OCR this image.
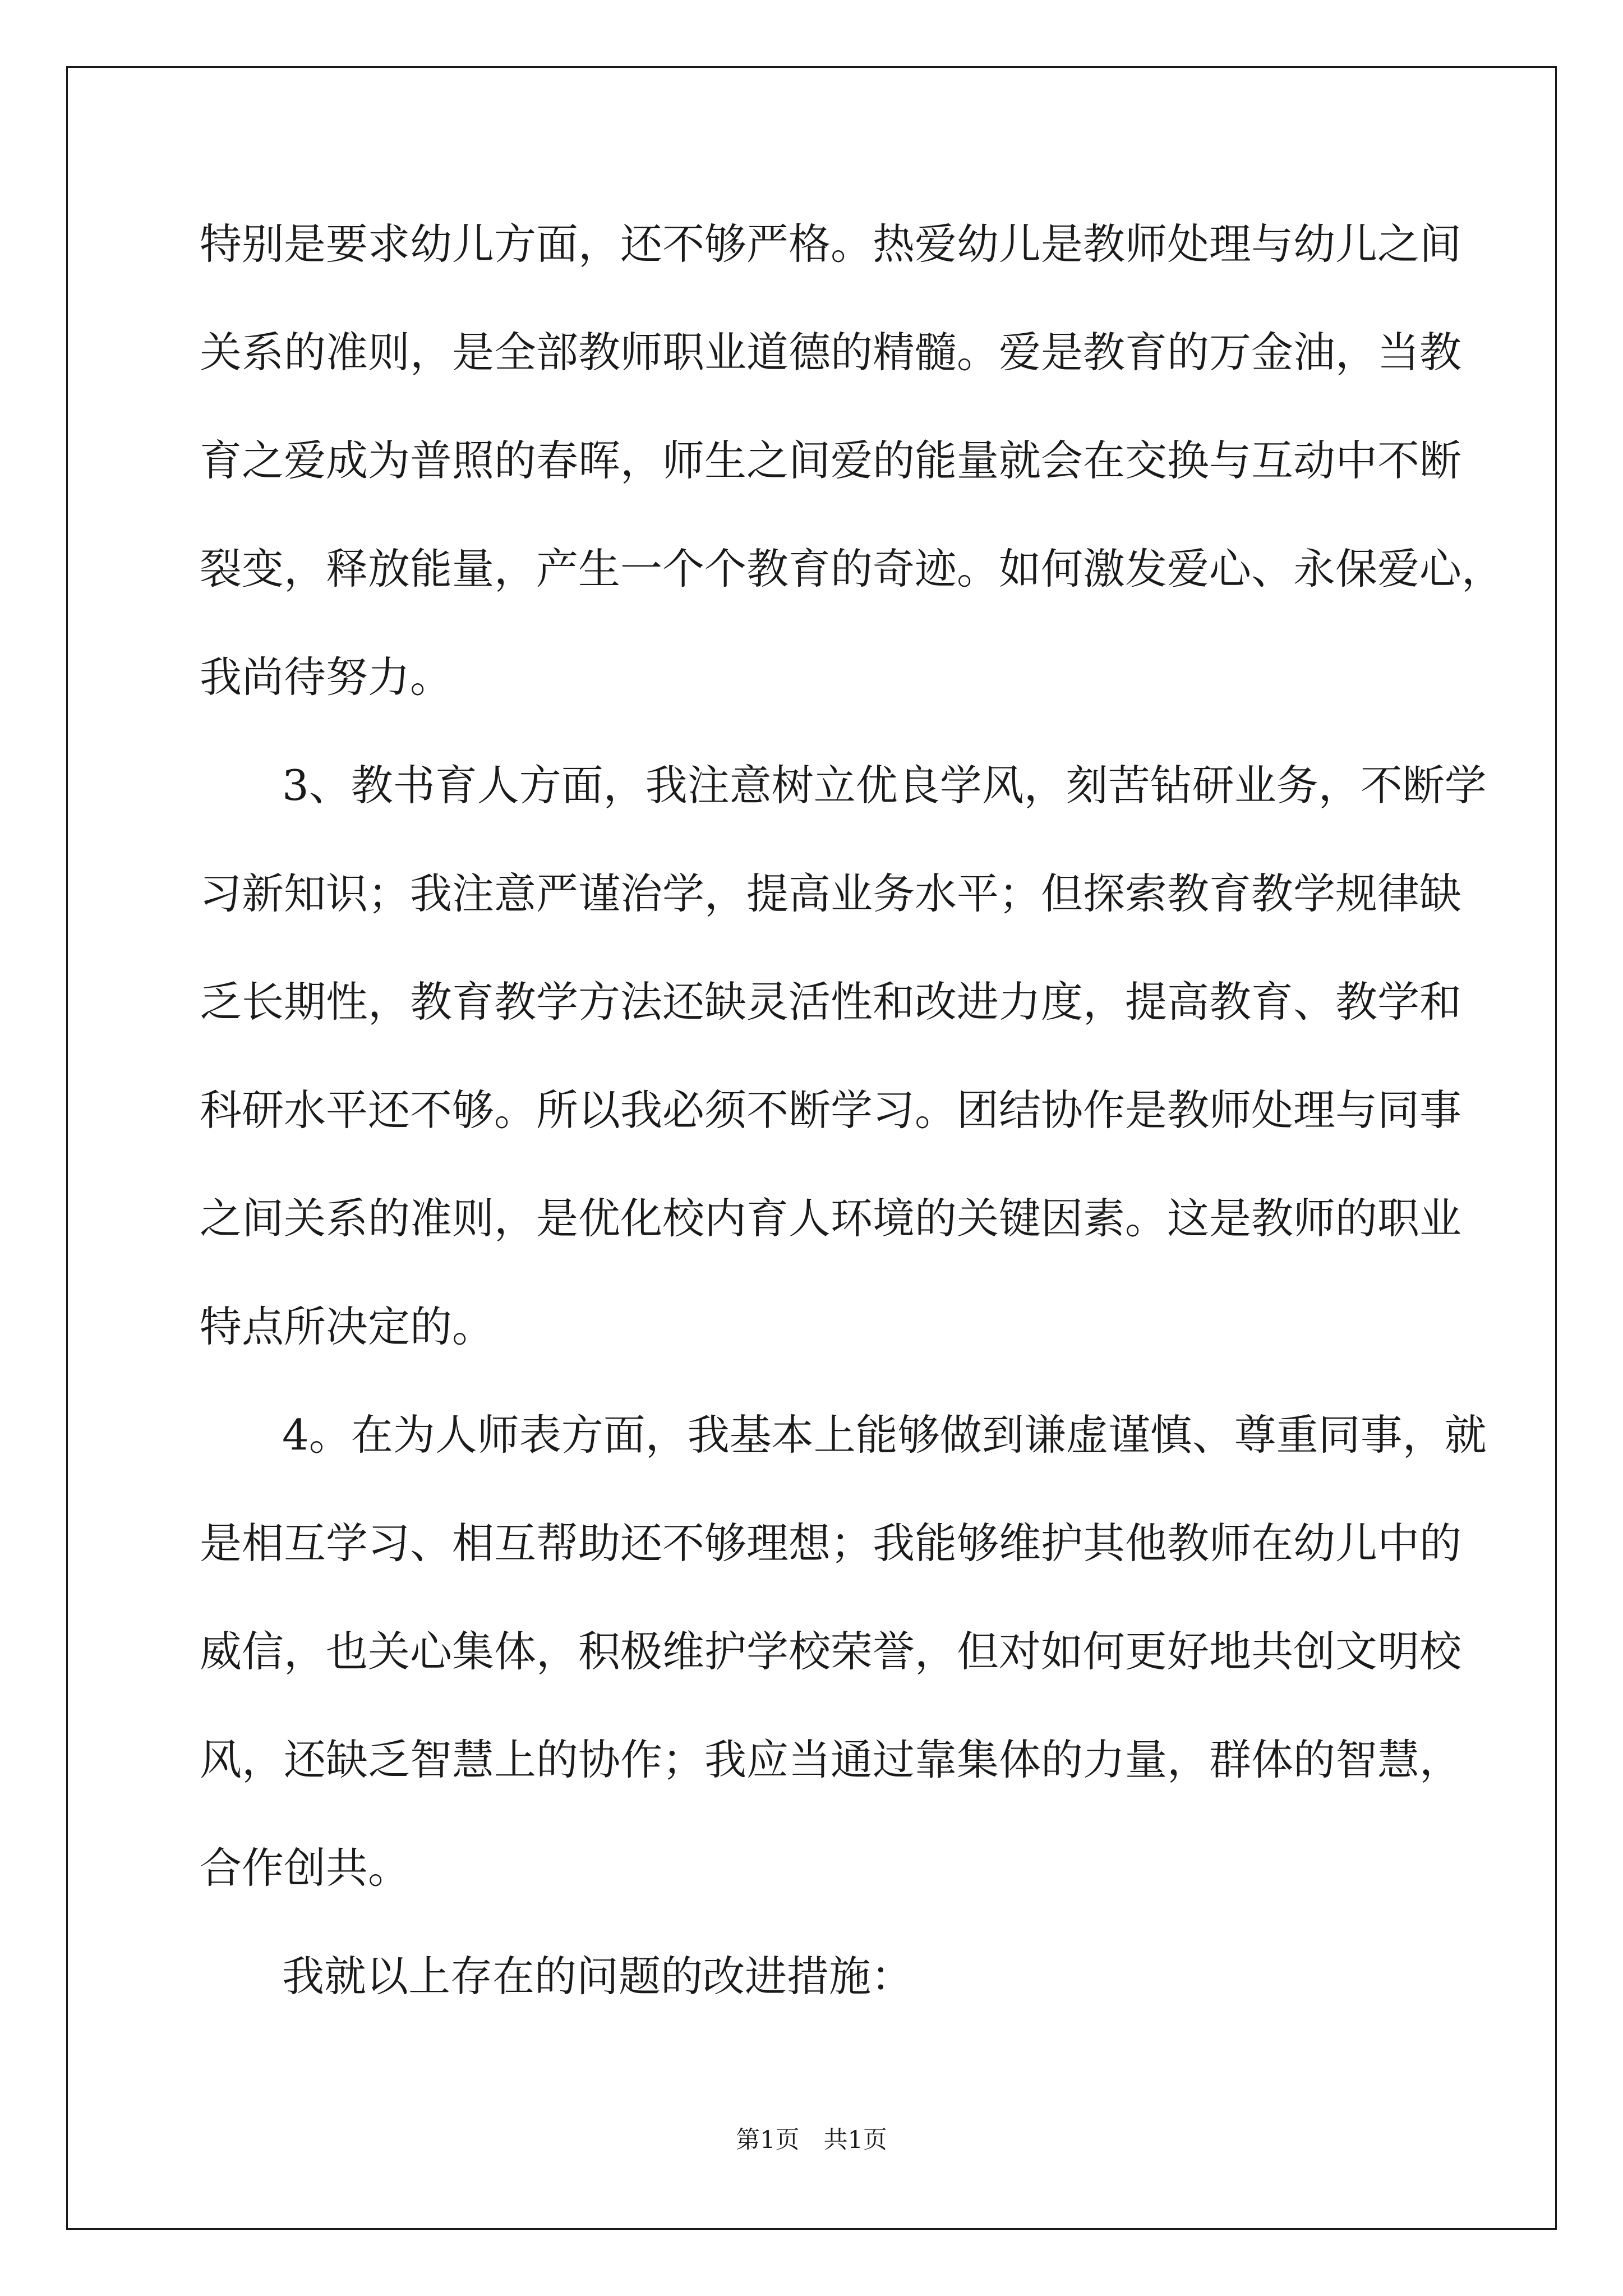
特别是要求幼儿方面，还不够严格。热爱幼儿是教师处理与幼儿之间
关系的准则，是全部教师职业道德的精髓。爱是教育的万金油，当教
育之爱成为普照的春晖，师生之间爱的能量就会在交换与互动中不断
裂变，释放能量，产生一个个教育的奇迹。如何激发爱心、永保爱心，
我尚待努力。
3、教书育人方面，我注意树立优良学风，刻苦钻研业务，不断学
习新知识；我注意严谨治学，提高业务水平；但探索教育教学规律缺
乏长期性，教育教学方法还缺灵活性和改进力度，提高教育、教学和
科研水平还不够。所以我必须不断学习。团结协作是教师处理与同事
之间关系的准则，是优化校内育人环境的关键因素。这是教师的职业
特点所决定的。
4。在为人师表方面，我基本上能够做到谦虚谨慎、尊重同事，就
是相互学习、相互帮助还不够理想；我能够维护其他教师在幼儿中的
威信，也关心集体，积极维护学校荣誉，但对如何更好地共创文明校
风，还缺乏智慧上的协作；我应当通过靠集体的力量，群体的智慧，
合作创共。
我就以上存在的问题的改进措施：
第1页　共1页
